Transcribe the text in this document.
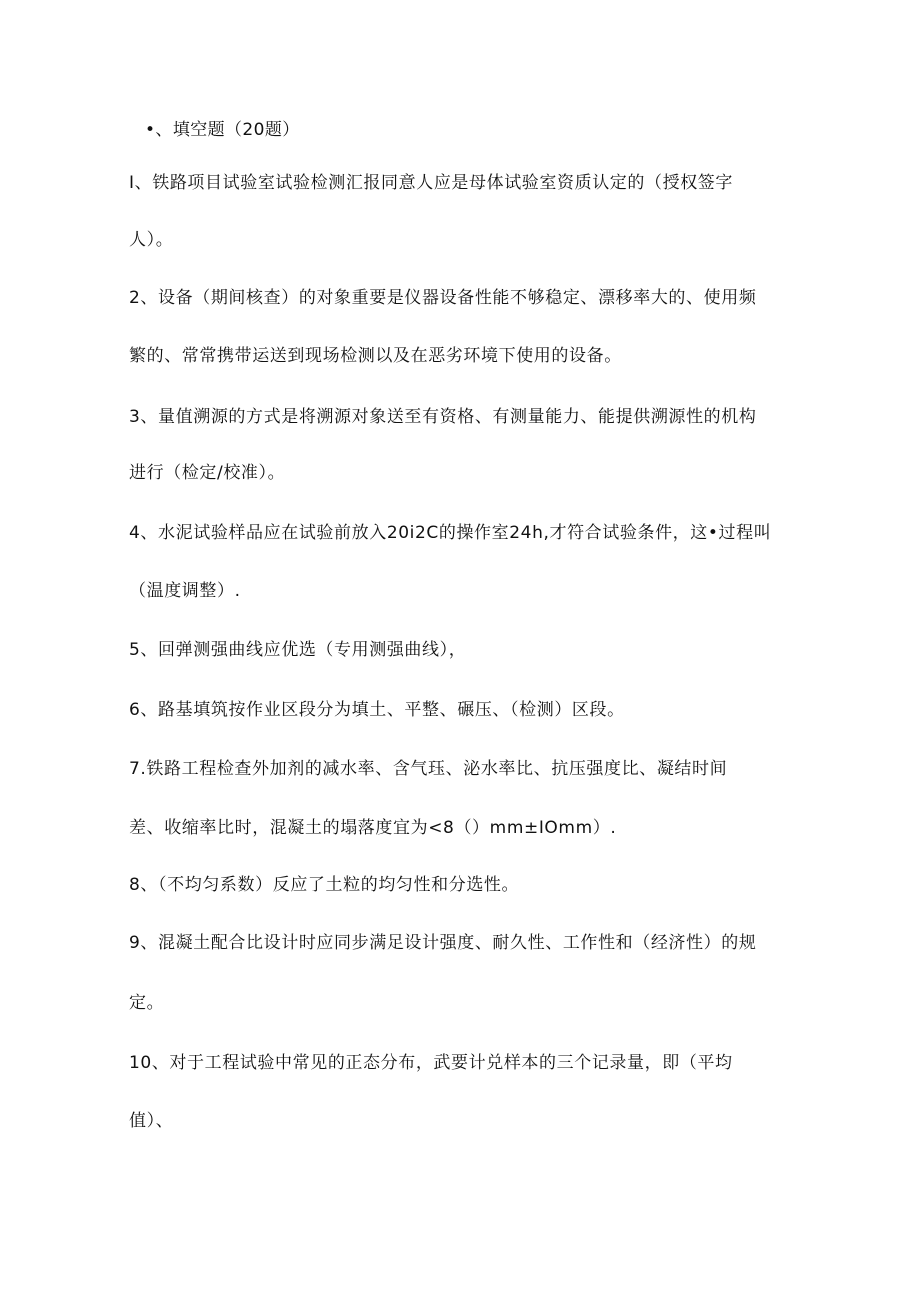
•、填空题（20题）
I、铁路项目试验室试验检测汇报同意人应是母体试验室资质认定的（授权签字
人）。
2、设备（期间核查）的对象重要是仪器设备性能不够稳定、漂移率大的、使用频
繁的、常常携带运送到现场检测以及在恶劣环境下使用的设备。
3、量值溯源的方式是将溯源对象送至有资格、有测量能力、能提供溯源性的机构
进行（检定/校准）。
4、水泥试验样品应在试验前放入20i2C的操作室24h,才符合试验条件，这•过程叫
（温度调整）.
5、回弹测强曲线应优选（专用测强曲线），
6、路基填筑按作业区段分为填土、平整、碾压、（检测）区段。
7.铁路工程检查外加剂的减水率、含气珏、泌水率比、抗压强度比、凝结时间
差、收缩率比时，混凝土的塌落度宜为<8（）mm±IOmm）.
8、（不均匀系数）反应了土粒的均匀性和分选性。
9、混凝土配合比设计时应同步满足设计强度、耐久性、工作性和（经济性）的规
定。
10、对于工程试验中常见的正态分布，武要计兑样本的三个记录量，即（平均
值）、
